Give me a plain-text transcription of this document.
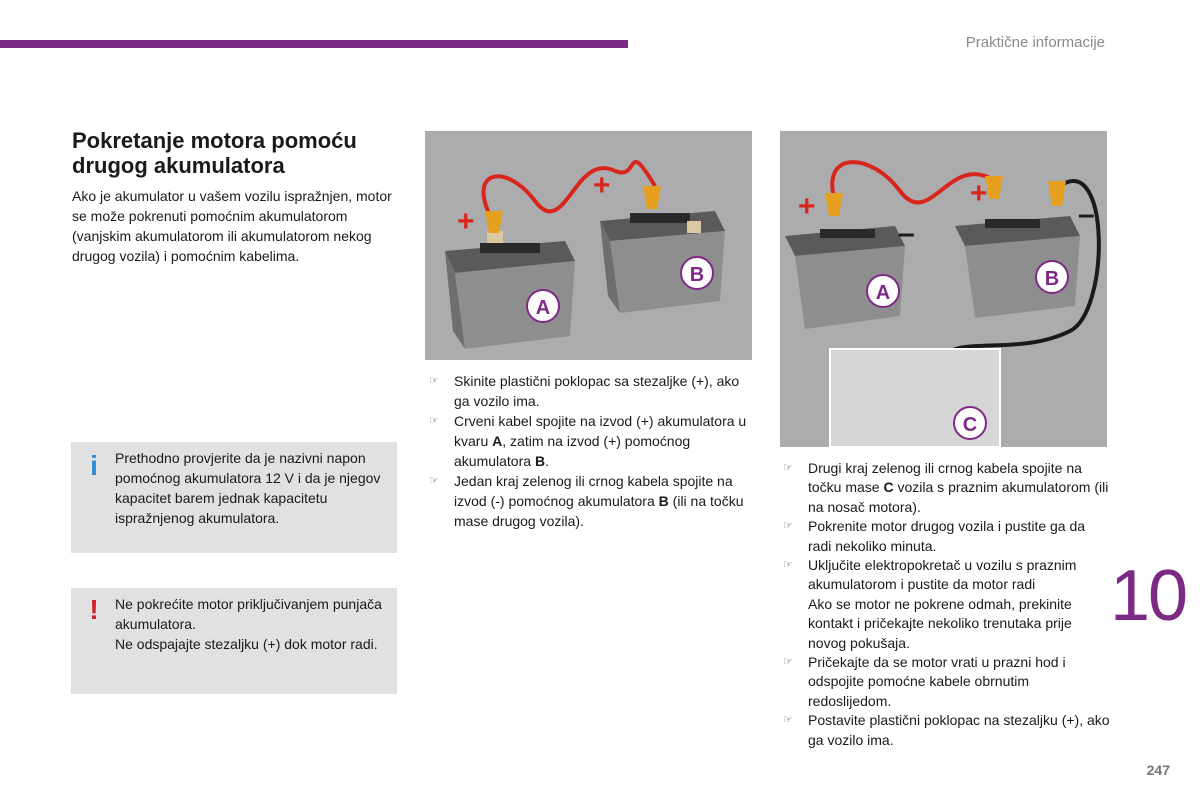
Praktične informacije
Pokretanje motora pomoću drugog akumulatora
Ako je akumulator u vašem vozilu ispražnjen, motor se može pokrenuti pomoćnim akumulatorom (vanjskim akumulatorom ili akumulatorom nekog drugog vozila) i pomoćnim kabelima.
i Prethodno provjerite da je nazivni napon pomoćnog akumulatora 12 V i da je njegov kapacitet barem jednak kapacitetu ispražnjenog akumulatora.
! Ne pokrećite motor priključivanjem punjača akumulatora.
Ne odspajajte stezaljku (+) dok motor radi.
+
+
A
B
+	+
–
–
A
B
C
☞ Skinite plastični poklopac sa stezaljke (+), ako ga vozilo ima.
☞ Crveni kabel spojite na izvod (+) akumulatora u kvaru A, zatim na izvod (+) pomoćnog akumulatora B.
☞ Jedan kraj zelenog ili crnog kabela spojite na izvod (-) pomoćnog akumulatora B (ili na točku mase drugog vozila).
☞ Drugi kraj zelenog ili crnog kabela spojite na točku mase C vozila s praznim akumulatorom (ili na nosač motora).
☞ Pokrenite motor drugog vozila i pustite ga da radi nekoliko minuta.
☞ Uključite elektropokretač u vozilu s praznim akumulatorom i pustite da motor radi
Ako se motor ne pokrene odmah, prekinite kontakt i pričekajte nekoliko trenutaka prije novog pokušaja.
☞ Pričekajte da se motor vrati u prazni hod i odspojite pomoćne kabele obrnutim redoslijedom.
☞ Postavite plastični poklopac na stezaljku (+), ako ga vozilo ima.
10
247
